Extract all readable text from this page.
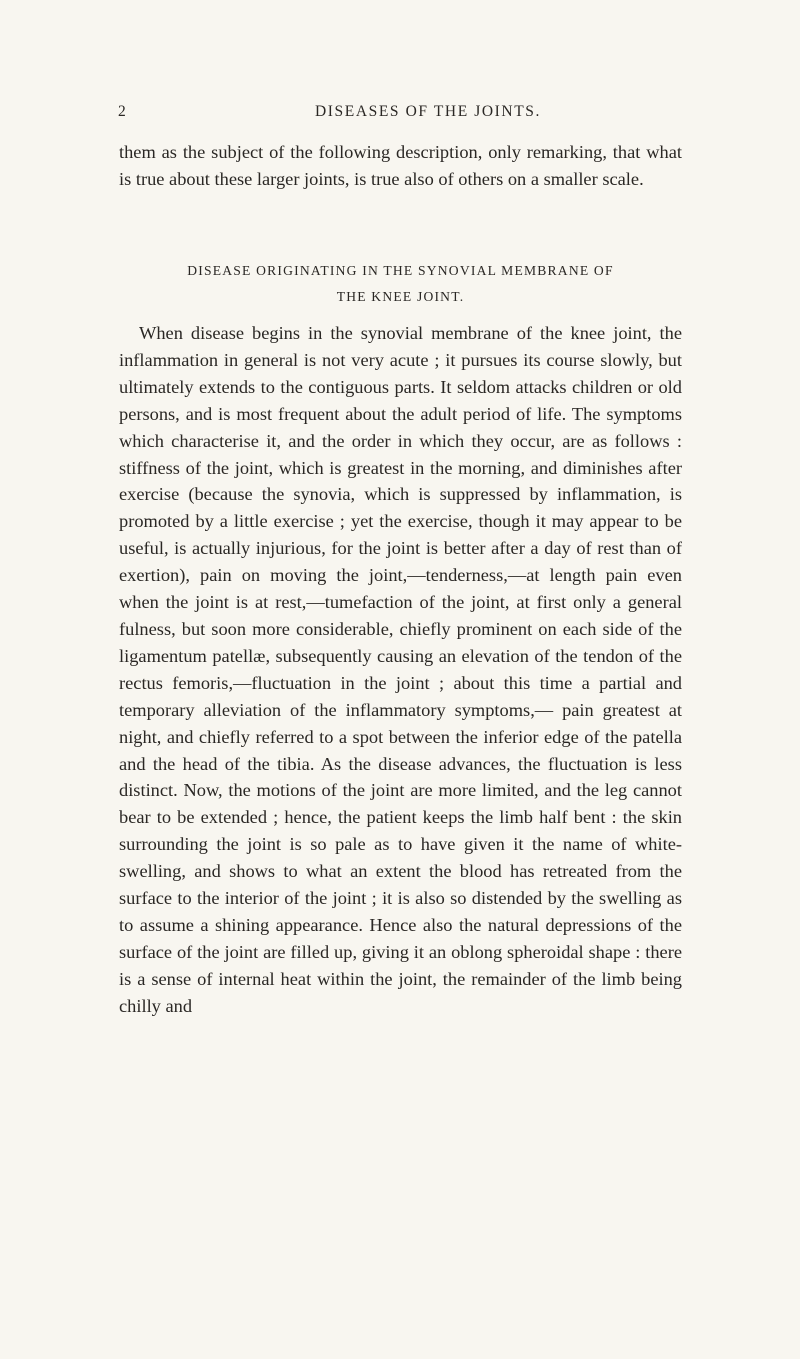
2	DISEASES OF THE JOINTS.

them as the subject of the following description, only remarking, that what is true about these larger joints, is true also of others on a smaller scale.

DISEASE ORIGINATING IN THE SYNOVIAL MEMBRANE OF
THE KNEE JOINT.

When disease begins in the synovial membrane of the knee joint, the inflammation in general is not very acute ; it pursues its course slowly, but ultimately extends to the contiguous parts. It seldom attacks children or old persons, and is most frequent about the adult period of life. The symptoms which characterise it, and the order in which they occur, are as follows : stiffness of the joint, which is greatest in the morning, and diminishes after exercise (because the synovia, which is suppressed by inflammation, is promoted by a little exercise ; yet the exercise, though it may appear to be useful, is actually injurious, for the joint is better after a day of rest than of exertion), pain on moving the joint,—tenderness,—at length pain even when the joint is at rest,—tumefaction of the joint, at first only a general fulness, but soon more considerable, chiefly prominent on each side of the ligamentum patellæ, subsequently causing an elevation of the tendon of the rectus femoris,—fluctuation in the joint ; about this time a partial and temporary alleviation of the inflammatory symptoms,— pain greatest at night, and chiefly referred to a spot between the inferior edge of the patella and the head of the tibia. As the disease advances, the fluctuation is less distinct. Now, the motions of the joint are more limited, and the leg cannot bear to be extended ; hence, the patient keeps the limb half bent : the skin surrounding the joint is so pale as to have given it the name of white-swelling, and shows to what an extent the blood has retreated from the surface to the interior of the joint ; it is also so distended by the swelling as to assume a shining appearance. Hence also the natural depressions of the surface of the joint are filled up, giving it an oblong spheroidal shape : there is a sense of internal heat within the joint, the remainder of the limb being chilly and
